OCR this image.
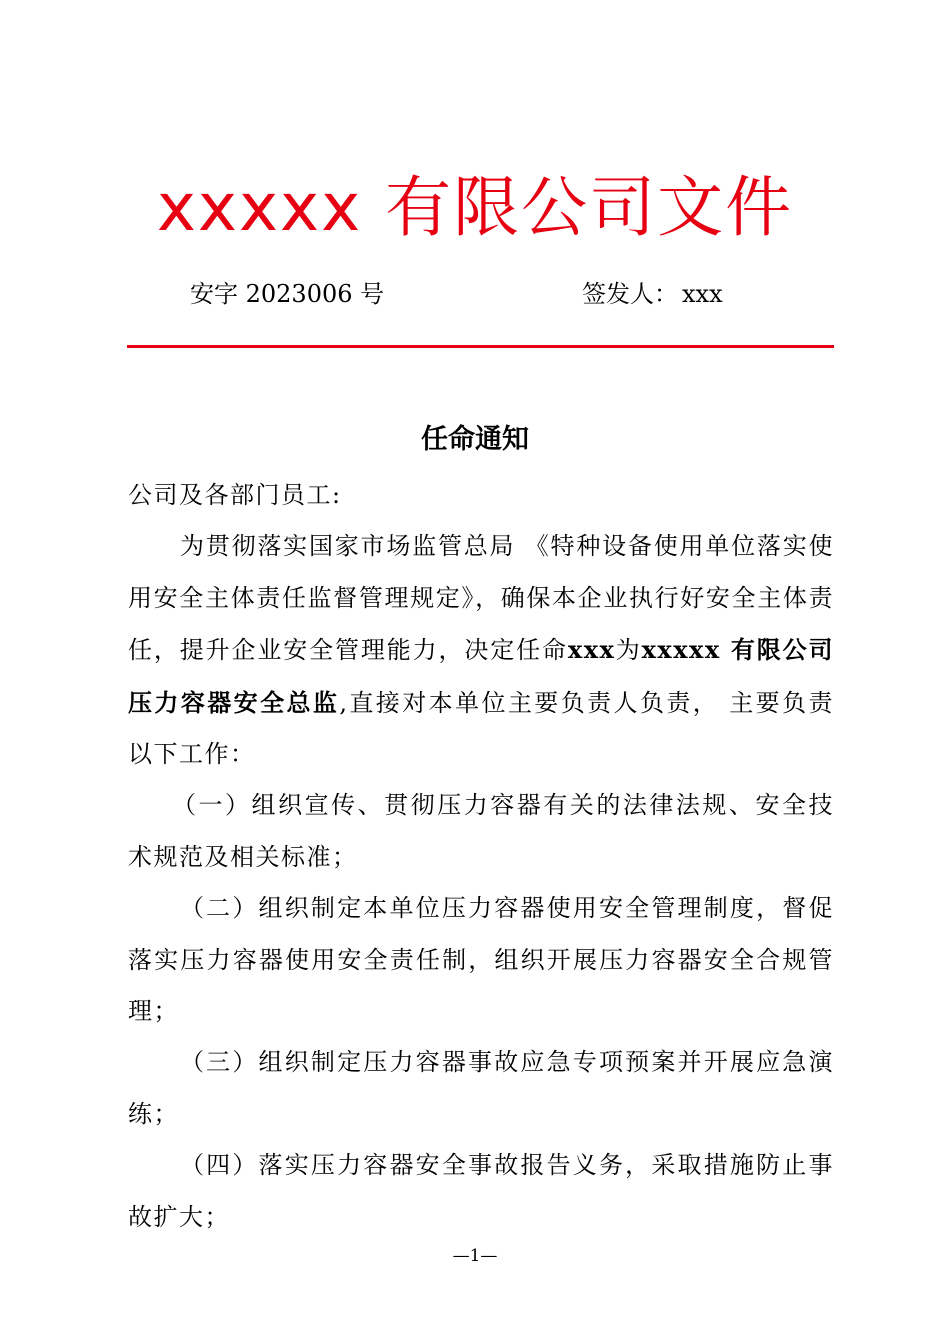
xxxxx 有限公司文件
安字 2023006 号	签发人： xxx
任命通知

公司及各部门员工:

为贯彻落实国家市场监管总局 《特种设备使用单位落实使用安全主体责任监督管理规定》，确保本企业执行好安全主体责任，提升企业安全管理能力，决定任命xxx为xxxxx 有限公司压力容器安全总监,直接对本单位主要负责人负责， 主要负责以下工作：

（一）组织宣传、贯彻压力容器有关的法律法规、安全技术规范及相关标准；

（二）组织制定本单位压力容器使用安全管理制度，督促落实压力容器使用安全责任制，组织开展压力容器安全合规管理；

（三）组织制定压力容器事故应急专项预案并开展应急演练；

（四）落实压力容器安全事故报告义务，采取措施防止事故扩大；

—1—
